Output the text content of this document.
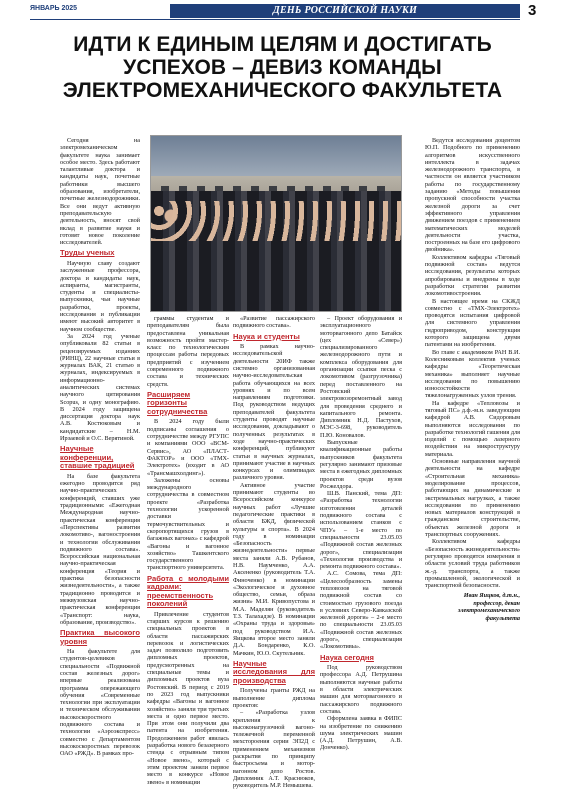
ЯНВАРЬ 2025	ДЕНЬ РОССИЙСКОЙ НАУКИ	3
ИДТИ К ЕДИНЫМ ЦЕЛЯМ И ДОСТИГАТЬ УСПЕХОВ – ДЕВИЗ КОМАНДЫ ЭЛЕКТРОМЕХАНИЧЕСКОГО ФАКУЛЬТЕТА

Сегодня на электромеханическом факультете наука занимает особое место. Здесь работают талантливые доктора и кандидаты наук, почетные работники высшего образования, изобретатели, почетные железнодорожники. Все они ведут активную преподавательскую деятельность, вносят свой вклад в развитие науки и готовят новое поколение исследователей.

Труды ученых

Научную славу создают заслуженные профессора, доктора и кандидаты наук, аспиранты, магистранты, студенты и специалисты-выпускники, чьи научные разработки, проекты, исследования и публикации имеют высокий авторитет в научном сообществе.

За 2024 год ученые опубликовали 82 статьи в рецензируемых изданиях (РИНЦ), 22 научные статьи в журналах ВАК, 21 статью в журналах, индексируемых в информационно-аналитических системах научного цитирования Scopus, и одну монографию. В 2024 году защищена диссертация доктора наук А.В. Костюковым и кандидатские – Н.М. Ирзаевой и О.С. Верятиной.

Научные конференции, ставшие традицией

На базе факультета ежегодно проводится ряд научно-практических конференций, ставших уже традиционными: «Ежегодная Международная научно-практическая конференция «Перспективы развития локомотиво-, вагоностроения и технологии обслуживания подвижного состава». Всероссийская национальная научно-практическая конференция «Теория и практика безопасности жизнедеятельности», а также традиционно проводится и межвузовская научно-практическая конференция «Транспорт: наука, образование, производство».

Практика высокого уровня

На факультете для студентов-целевиков специальности «Подвижной состав железных дорог» впервые реализована программа опережающего обучения «Современные технологии при эксплуатации и техническом обслуживании высокоскоростного подвижного состава и технологии «Аэроэкспресс» совместно с Департаментом высокоскоростных перевозок ОАО «РЖД». В рамках про-

граммы студентам и преподавателям была предоставлена уникальная возможность пройти мастер-класс по технологическим процессам работы передовых предприятий с изучением современного подвижного состава и технических средств.

Расширяем горизонты сотрудничества

В 2024 году были подписаны соглашения о сотрудничестве между РГУПС и компаниями ООО «ВСМ-Сервис», АО «ПЛАСТ-ФАКТОР» и ООО «ТМХ-Электротех» (входит в АО «Трансмашхолдинг»).

Заложены основы международного сотрудничества в совместном проекте «Разработка технологии ускоренной доставки термочувствительных и скоропортящихся грузов в багажных вагонах» с кафедрой «Вагоны и вагонное хозяйство» Ташкентского государственного транспортного университета.

Работа с молодыми кадрами: преемственность поколений

Привлечение студентов старших курсов к решению специальных проектов в области пассажирских перевозок и логистических задач позволило подготовить дипломных проектов, предусмотренных на специальные темы и дипломных проектов вуза Ростовский. В период с 2019 по 2023 год выпускники кафедры «Вагоны и вагонное хозяйство» заняли три третьих места и одно первое место. При этом они получили два патента на изобретения. Продолжением работ явилась разработка нового безазерного стенда с отрывным типом «Новое звено», который с этим проектом заняли первое место в конкурсе «Новое звено» в номинации

«Развитие пассажирского подвижного состава».

Наука и студенты

В рамках научно-исследовательской деятельности 20ИФ также системно организованная научно-исследовательская работа обучающихся на всех уровнях и по всем направлениям подготовки. Под руководством ведущих преподавателей факультета студенты проводят научные исследования, докладывают о полученных результатах в ходе научно-практических конференций, публикуют статьи в научных журналах, принимают участие в научных конкурсах и олимпиадах различного уровня.

Активное участие принимают студенты во Всероссийском конкурсе научных работ «Лучшие педагогические практики в области БЖД, физической культуры и спорта». В 2024 году в номинации «Безопасность жизнедеятельности» первые места заняли А.В. Рубанов, Н.В. Наумченко, А.А. Аксененко (руководитель Т.А. Финоченко) в номинации «Экологическое и духовное общество, семьи, образа жизни» М.И. Кривопустова и М.А. Маделян (руководитель Т.З. Талахадзе). В номинации «Охраны труда и здоровья» под руководством И.А. Яицкова второе место заняли Д.А. Бондаренко, К.О. Мачкин, Ю.О. Скутельник.

Научные исследования для производства

Получены гранты РЖД на выполнение диплома проектов:

– «Разработка узлов крепления к высоконагрузочной вагоно-тележечной переменной мехстороения серии ЭП2Д с применением механизмов раскрытия по принципу быстросъема и мотор-вагонном депо Ростов. Дипломник А.Т. Краснюков, руководитель М.Р. Немышева.

– Проект оборудования и эксплуатационного моторвагонного депо Батайск (цех «Север») специализированного железнодорожного пути и комплекса оборудования для организации ссыпки песка с локомотивом (разгрузочника) перед поставленного на Ростовский электровозоремонтный завод для проведения среднего и капитального ремонта. Дипломник Н.Д. Пастухов, МЭС-3-698, руководитель П.Ю. Коновалов.

Выпускные квалификационные работы выпускников факультета регулярно занимают призовые места в ежегодных дипломных проектов среди вузов Росжелдора.

Ш.В. Панский, тема ДП: «Разработка технологии изготовления деталей подвижного состава с использованием станков с ЧПУ» – 1-е место по специальности 23.05.03 «Подвижной состав железных дорог», специализация «Технология производства и ремонта подвижного состава».

А.С. Сомова, тема ДП: «Целесообразность замены тепловозов на тяговой подвижной состав со стоимостью грузового поезда в условиях Северо-Кавказской железной дороги» – 2-е место по специальности 23.05.03 «Подвижной состав железных дорог», специализация «Локомотивы».

Наука сегодня

Под руководством профессора А.Д. Петрушина выполняются научные работы в области электрических машин для моторвагонного и пассажирского подвижного состава.

Оформлена заявка в ФИПС на изобретение по снижению шума электрических машин (А.Д. Петрушин, А.В. Донченко).

Ведутся исследования доцентом Ю.П. Подобного по применению алгоритмов искусственного интеллекта в задачах железнодорожного транспорта, в частности он является участником работы по государственному заданию «Методы повышения пропускной способности участка железной дороги за счет эффективного управления движением поездов с применением математических моделей деятельности участка, построенных на базе его цифрового двойника».

Коллективом кафедры «Тяговый подвижной состав» ведутся исследования, результаты которых апробированы и внедрены в ходе разработки стратегии развития локомотивостроения.

В настоящее время на СКЖД совместно с «ТМХ-Электротех» проводятся испытания цифровой для системного управления гидроприводом, конструкция которого защищена двумя патентами на изобретения.

Во главе с академиком РАН В.И. Колесниковым коллектив ученых кафедры «Теоретическая механика» выполняет научные исследования по повышению износостойкости тяжелонагруженных узлов трения.

На кафедре «Тепловозы и тяговый ПС» д.ф.-м.н. заведующим кафедрой А.В. Сидоровым выполняются исследования по разработке технологий гашения для изделий с помощью лазерного воздействия на микроструктуру материала.

Основные направления научной деятельности на кафедре «Строительная механика» моделирование процессов, работающих на динамические и экстремальных нагрузках, а также исследования по применению новых материалов конструкций в гражданском строительстве, объектах железной дороги и транспортных сооружениях.

Коллективом кафедры «Безопасность жизнедеятельности» регулярно проводятся измерения в области условий труда работников ж.-д. транспорта, а также промышленной, экологической и транспортной безопасности.

Иван Яицков, д.т.н.,
профессор, декан
электромеханического
факультета
